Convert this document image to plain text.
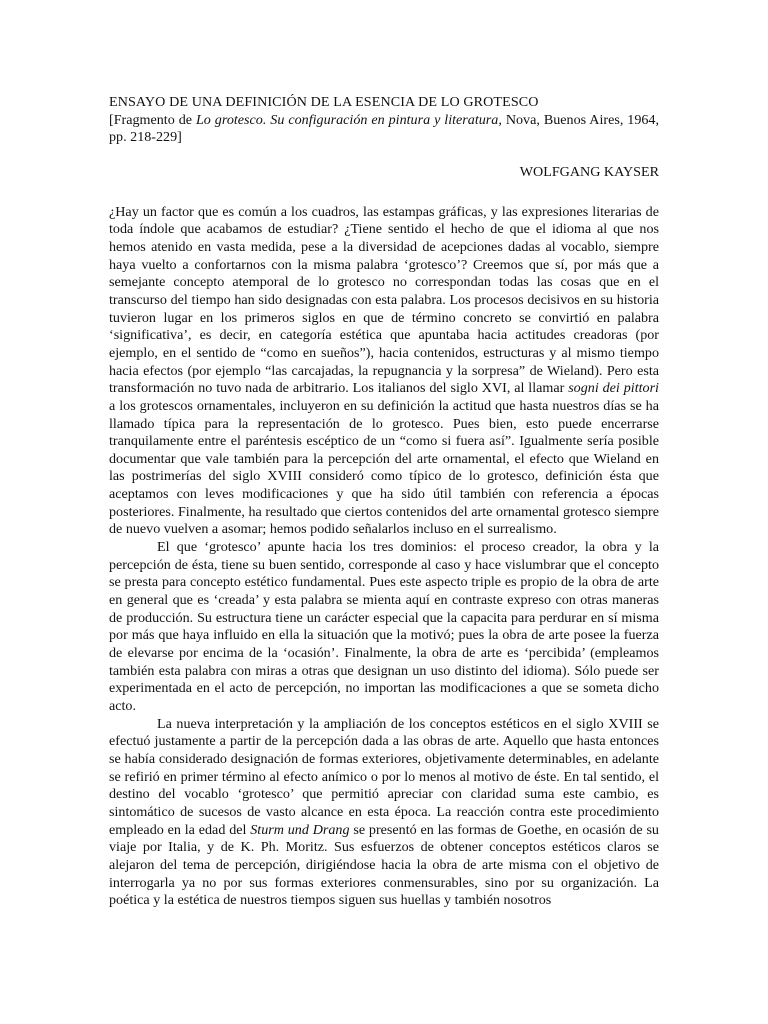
ENSAYO DE UNA DEFINICIÓN DE LA ESENCIA DE LO GROTESCO

[Fragmento de Lo grotesco. Su configuración en pintura y literatura, Nova, Buenos Aires, 1964, pp. 218-229]

WOLFGANG KAYSER

¿Hay un factor que es común a los cuadros, las estampas gráficas, y las expresiones literarias de toda índole que acabamos de estudiar? ¿Tiene sentido el hecho de que el idioma al que nos hemos atenido en vasta medida, pese a la diversidad de acepciones dadas al vocablo, siempre haya vuelto a confortarnos con la misma palabra ‘grotesco’? Creemos que sí, por más que a semejante concepto atemporal de lo grotesco no correspondan todas las cosas que en el transcurso del tiempo han sido designadas con esta palabra. Los procesos decisivos en su historia tuvieron lugar en los primeros siglos en que de término concreto se convirtió en palabra ‘significativa’, es decir, en categoría estética que apuntaba hacia actitudes creadoras (por ejemplo, en el sentido de “como en sueños”), hacia contenidos, estructuras y al mismo tiempo hacia efectos (por ejemplo “las carcajadas, la repugnancia y la sorpresa” de Wieland). Pero esta transformación no tuvo nada de arbitrario. Los italianos del siglo XVI, al llamar sogni dei pittori a los grotescos ornamentales, incluyeron en su definición la actitud que hasta nuestros días se ha llamado típica para la representación de lo grotesco. Pues bien, esto puede encerrarse tranquilamente entre el paréntesis escéptico de un “como si fuera así”. Igualmente sería posible documentar que vale también para la percepción del arte ornamental, el efecto que Wieland en las postrimerías del siglo XVIII consideró como típico de lo grotesco, definición ésta que aceptamos con leves modificaciones y que ha sido útil también con referencia a épocas posteriores. Finalmente, ha resultado que ciertos contenidos del arte ornamental grotesco siempre de nuevo vuelven a asomar; hemos podido señalarlos incluso en el surrealismo.

El que ‘grotesco’ apunte hacia los tres dominios: el proceso creador, la obra y la percepción de ésta, tiene su buen sentido, corresponde al caso y hace vislumbrar que el concepto se presta para concepto estético fundamental. Pues este aspecto triple es propio de la obra de arte en general que es ‘creada’ y esta palabra se mienta aquí en contraste expreso con otras maneras de producción. Su estructura tiene un carácter especial que la capacita para perdurar en sí misma por más que haya influido en ella la situación que la motivó; pues la obra de arte posee la fuerza de elevarse por encima de la ‘ocasión’. Finalmente, la obra de arte es ‘percibida’ (empleamos también esta palabra con miras a otras que designan un uso distinto del idioma). Sólo puede ser experimentada en el acto de percepción, no importan las modificaciones a que se someta dicho acto.

La nueva interpretación y la ampliación de los conceptos estéticos en el siglo XVIII se efectuó justamente a partir de la percepción dada a las obras de arte. Aquello que hasta entonces se había considerado designación de formas exteriores, objetivamente determinables, en adelante se refirió en primer término al efecto anímico o por lo menos al motivo de éste. En tal sentido, el destino del vocablo ‘grotesco’ que permitió apreciar con claridad suma este cambio, es sintomático de sucesos de vasto alcance en esta época. La reacción contra este procedimiento empleado en la edad del Sturm und Drang se presentó en las formas de Goethe, en ocasión de su viaje por Italia, y de K. Ph. Moritz. Sus esfuerzos de obtener conceptos estéticos claros se alejaron del tema de percepción, dirigiéndose hacia la obra de arte misma con el objetivo de interrogarla ya no por sus formas exteriores conmensurables, sino por su organización. La poética y la estética de nuestros tiempos siguen sus huellas y también nosotros
